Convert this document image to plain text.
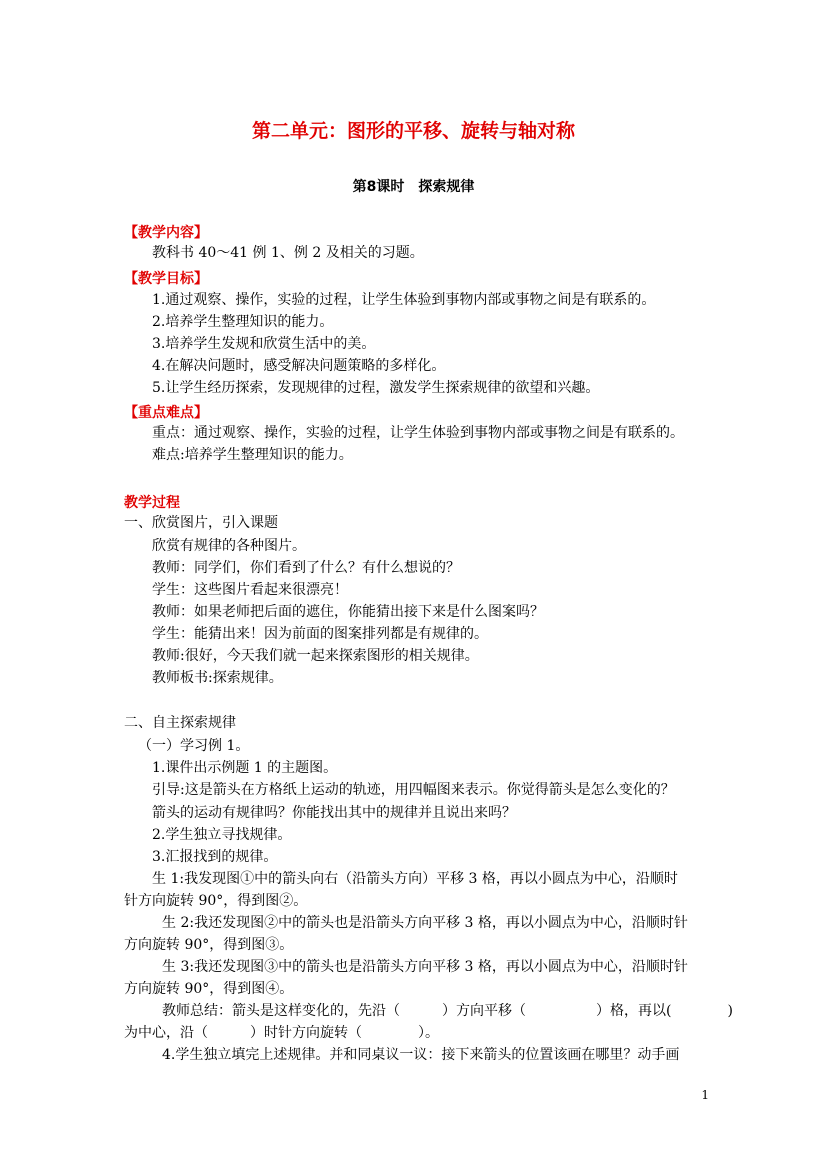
第二单元：图形的平移、旋转与轴对称
第8课时　探索规律
【教学内容】
教科书 40～41 例 1、例 2 及相关的习题。
【教学目标】
1.通过观察、操作，实验的过程，让学生体验到事物内部或事物之间是有联系的。
2.培养学生整理知识的能力。
3.培养学生发规和欣赏生活中的美。
4.在解决问题时，感受解决问题策略的多样化。
5.让学生经历探索，发现规律的过程，激发学生探索规律的欲望和兴趣。
【重点难点】
重点：通过观察、操作，实验的过程，让学生体验到事物内部或事物之间是有联系的。
难点:培养学生整理知识的能力。
教学过程
一、欣赏图片，引入课题
欣赏有规律的各种图片。
教师：同学们，你们看到了什么？有什么想说的？
学生：这些图片看起来很漂亮！
教师：如果老师把后面的遮住，你能猜出接下来是什么图案吗？
学生：能猜出来！因为前面的图案排列都是有规律的。
教师:很好，今天我们就一起来探索图形的相关规律。
教师板书:探索规律。
二、自主探索规律
（一）学习例 1。
1.课件出示例题 1 的主题图。
引导:这是箭头在方格纸上运动的轨迹，用四幅图来表示。你觉得箭头是怎么变化的？
箭头的运动有规律吗？你能找出其中的规律并且说出来吗？
2.学生独立寻找规律。
3.汇报找到的规律。
生 1:我发现图①中的箭头向右（沿箭头方向）平移 3 格，再以小圆点为中心，沿顺时
针方向旋转 90°，得到图②。
生 2:我还发现图②中的箭头也是沿箭头方向平移 3 格，再以小圆点为中心，沿顺时针
方向旋转 90°，得到图③。
生 3:我还发现图③中的箭头也是沿箭头方向平移 3 格，再以小圆点为中心，沿顺时针
方向旋转 90°，得到图④。
教师总结：箭头是这样变化的，先沿（　　　）方向平移（　　　　　）格，再以(　　　　)
为中心，沿（　　　）时针方向旋转（　　　　）。
4.学生独立填完上述规律。并和同桌议一议：接下来箭头的位置该画在哪里？动手画
1
